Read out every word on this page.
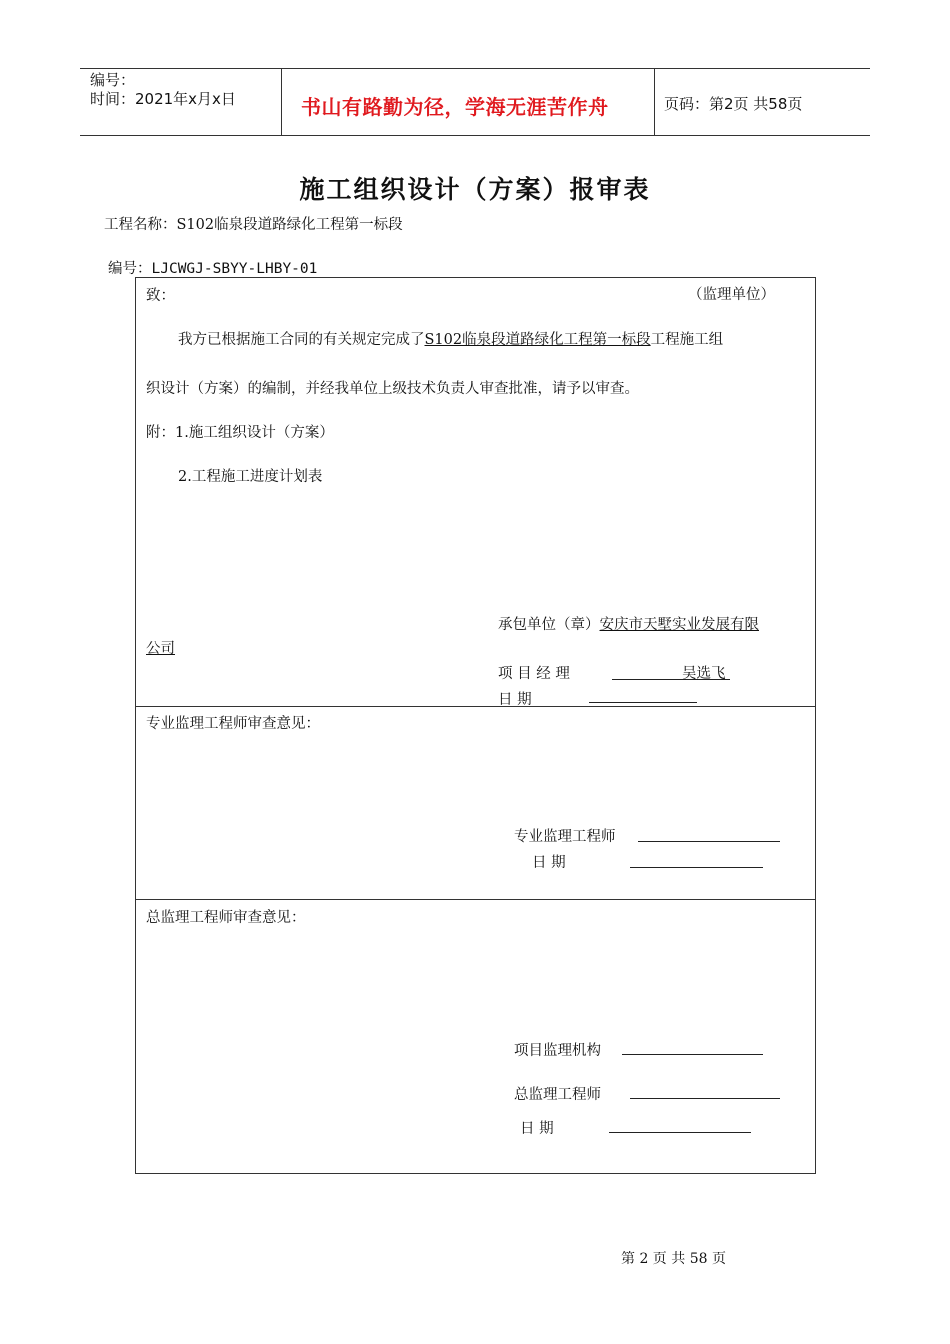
编号：
时间：2021年x月x日	书山有路勤为径，学海无涯苦作舟	页码：第2页 共58页
施工组织设计（方案）报审表
工程名称：S102临泉段道路绿化工程第一标段
编号：LJCWGJ-SBYY-LHBY-01
致：	（监理单位）
我方已根据施工合同的有关规定完成了S102临泉段道路绿化工程第一标段工程施工组
织设计（方案）的编制，并经我单位上级技术负责人审查批准，请予以审查。
附：1.施工组织设计（方案）
2.工程施工进度计划表
承包单位（章）安庆市天墅实业发展有限
公司
项 目 经 理	吴选飞
日 期
专业监理工程师审查意见：
专业监理工程师
日 期
总监理工程师审查意见：
项目监理机构
总监理工程师
日 期
第 2 页 共 58 页
